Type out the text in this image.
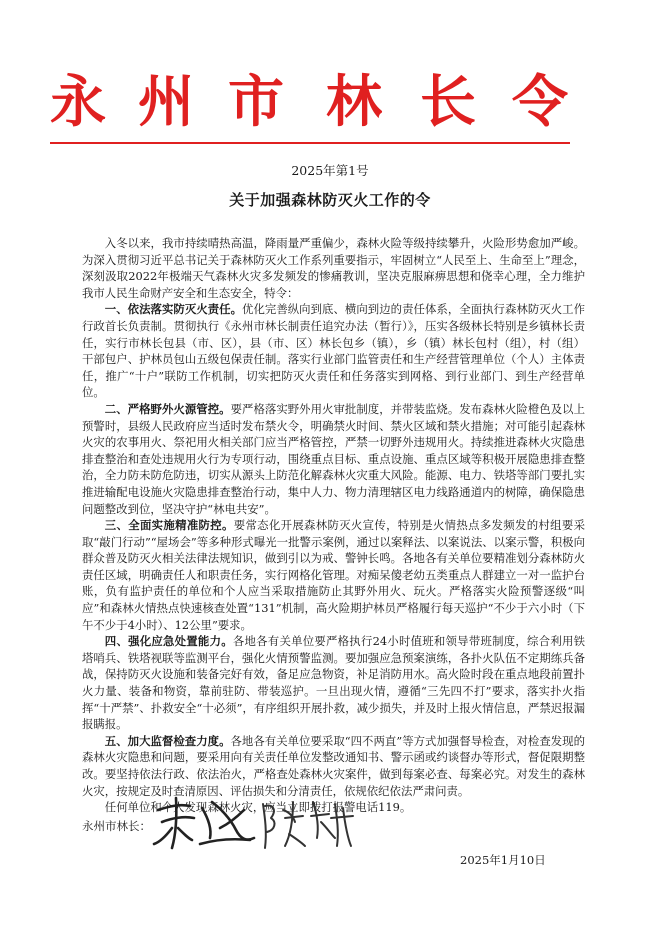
永 州 市 林 长 令
2025年第1号
关于加强森林防灭火工作的令

入冬以来，我市持续晴热高温，降雨量严重偏少，森林火险等级持续攀升，火险形势愈加严峻。为深入贯彻习近平总书记关于森林防灭火工作系列重要指示，牢固树立“人民至上、生命至上”理念，深刻汲取2022年极端天气森林火灾多发频发的惨痛教训，坚决克服麻痹思想和侥幸心理，全力维护我市人民生命财产安全和生态安全，特令：

一、依法落实防灭火责任。优化完善纵向到底、横向到边的责任体系，全面执行森林防灭火工作行政首长负责制。贯彻执行《永州市林长制责任追究办法（暂行）》，压实各级林长特别是乡镇林长责任，实行市林长包县（市、区），县（市、区）林长包乡（镇），乡（镇）林长包村（组），村（组）干部包户、护林员包山五级包保责任制。落实行业部门监管责任和生产经营管理单位（个人）主体责任，推广“十户”联防工作机制，切实把防灭火责任和任务落实到网格、到行业部门、到生产经营单位。

二、严格野外火源管控。要严格落实野外用火审批制度，并带装监烧。发布森林火险橙色及以上预警时，县级人民政府应当适时发布禁火令，明确禁火时间、禁火区域和禁火措施；对可能引起森林火灾的农事用火、祭祀用火相关部门应当严格管控，严禁一切野外违规用火。持续推进森林火灾隐患排查整治和查处违规用火行为专项行动，围绕重点目标、重点设施、重点区域等积极开展隐患排查整治，全力防未防危防违，切实从源头上防范化解森林火灾重大风险。能源、电力、铁塔等部门要扎实推进输配电设施火灾隐患排查整治行动，集中人力、物力清理辖区电力线路通道内的树障，确保隐患问题整改到位，坚决守护“林电共安”。

三、全面实施精准防控。要常态化开展森林防灭火宣传，特别是火情热点多发频发的村组要采取“敲门行动”“屋场会”等多种形式曝光一批警示案例，通过以案释法、以案说法、以案示警，积极向群众普及防灭火相关法律法规知识，做到引以为戒、警钟长鸣。各地各有关单位要精准划分森林防火责任区域，明确责任人和职责任务，实行网格化管理。对痴呆傻老幼五类重点人群建立一对一监护台账，负有监护责任的单位和个人应当采取措施防止其野外用火、玩火。严格落实火险预警逐级“叫应”和森林火情热点快速核查处置“131”机制，高火险期护林员严格履行每天巡护“不少于六小时（下午不少于4小时）、12公里”要求。

四、强化应急处置能力。各地各有关单位要严格执行24小时值班和领导带班制度，综合利用铁塔哨兵、铁塔视联等监测平台，强化火情预警监测。要加强应急预案演练，各扑火队伍不定期练兵备战，保持防灭火设施和装备完好有效，备足应急物资，补足消防用水。高火险时段在重点地段前置扑火力量、装备和物资，靠前驻防、带装巡护。一旦出现火情，遵循“三先四不打”要求，落实扑火指挥“十严禁”、扑救安全“十必须”，有序组织开展扑救，减少损失，并及时上报火情信息，严禁迟报漏报瞒报。

五、加大监督检查力度。各地各有关单位要采取“四不两直”等方式加强督导检查，对检查发现的森林火灾隐患和问题，要采用向有关责任单位发整改通知书、警示函或约谈督办等形式，督促限期整改。要坚持依法行政、依法治火，严格查处森林火灾案件，做到每案必查、每案必究。对发生的森林火灾，按规定及时查清原因、评估损失和分清责任，依规依纪依法严肃问责。

任何单位和个人发现森林火灾，应当立即拨打报警电话119。

永州市林长：
2025年1月10日
